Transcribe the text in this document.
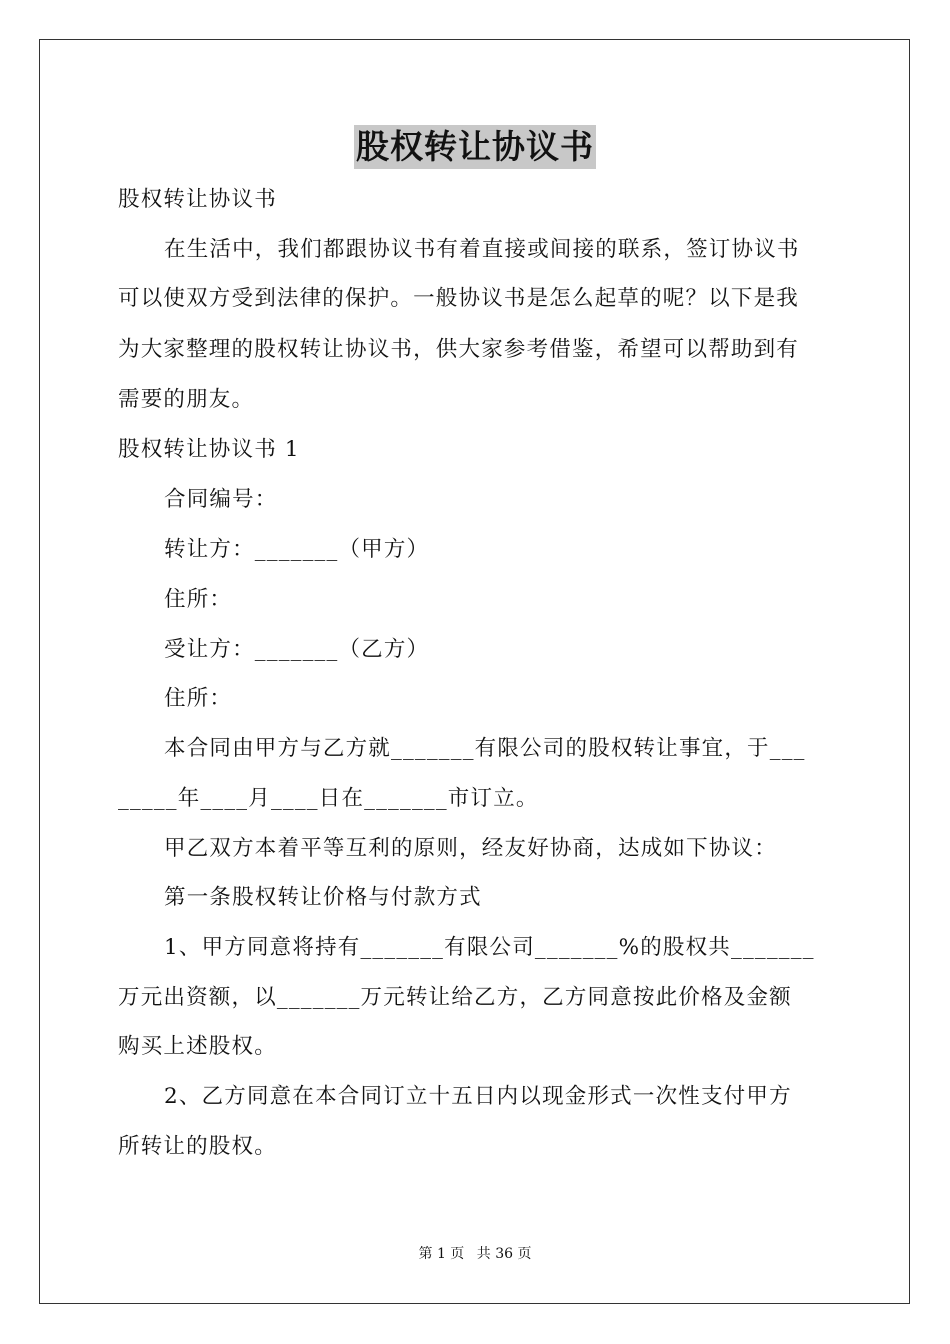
股权转让协议书
股权转让协议书
在生活中，我们都跟协议书有着直接或间接的联系，签订协议书
可以使双方受到法律的保护。一般协议书是怎么起草的呢？以下是我
为大家整理的股权转让协议书，供大家参考借鉴，希望可以帮助到有
需要的朋友。
股权转让协议书 1
合同编号：
转让方：_______（甲方）
住所：
受让方：_______（乙方）
住所：
本合同由甲方与乙方就_______有限公司的股权转让事宜，于___
_____年____月____日在_______市订立。
甲乙双方本着平等互利的原则，经友好协商，达成如下协议：
第一条股权转让价格与付款方式
1、甲方同意将持有_______有限公司_______%的股权共_______
万元出资额，以_______万元转让给乙方，乙方同意按此价格及金额
购买上述股权。
2、乙方同意在本合同订立十五日内以现金形式一次性支付甲方
所转让的股权。
第 1 页 共 36 页
